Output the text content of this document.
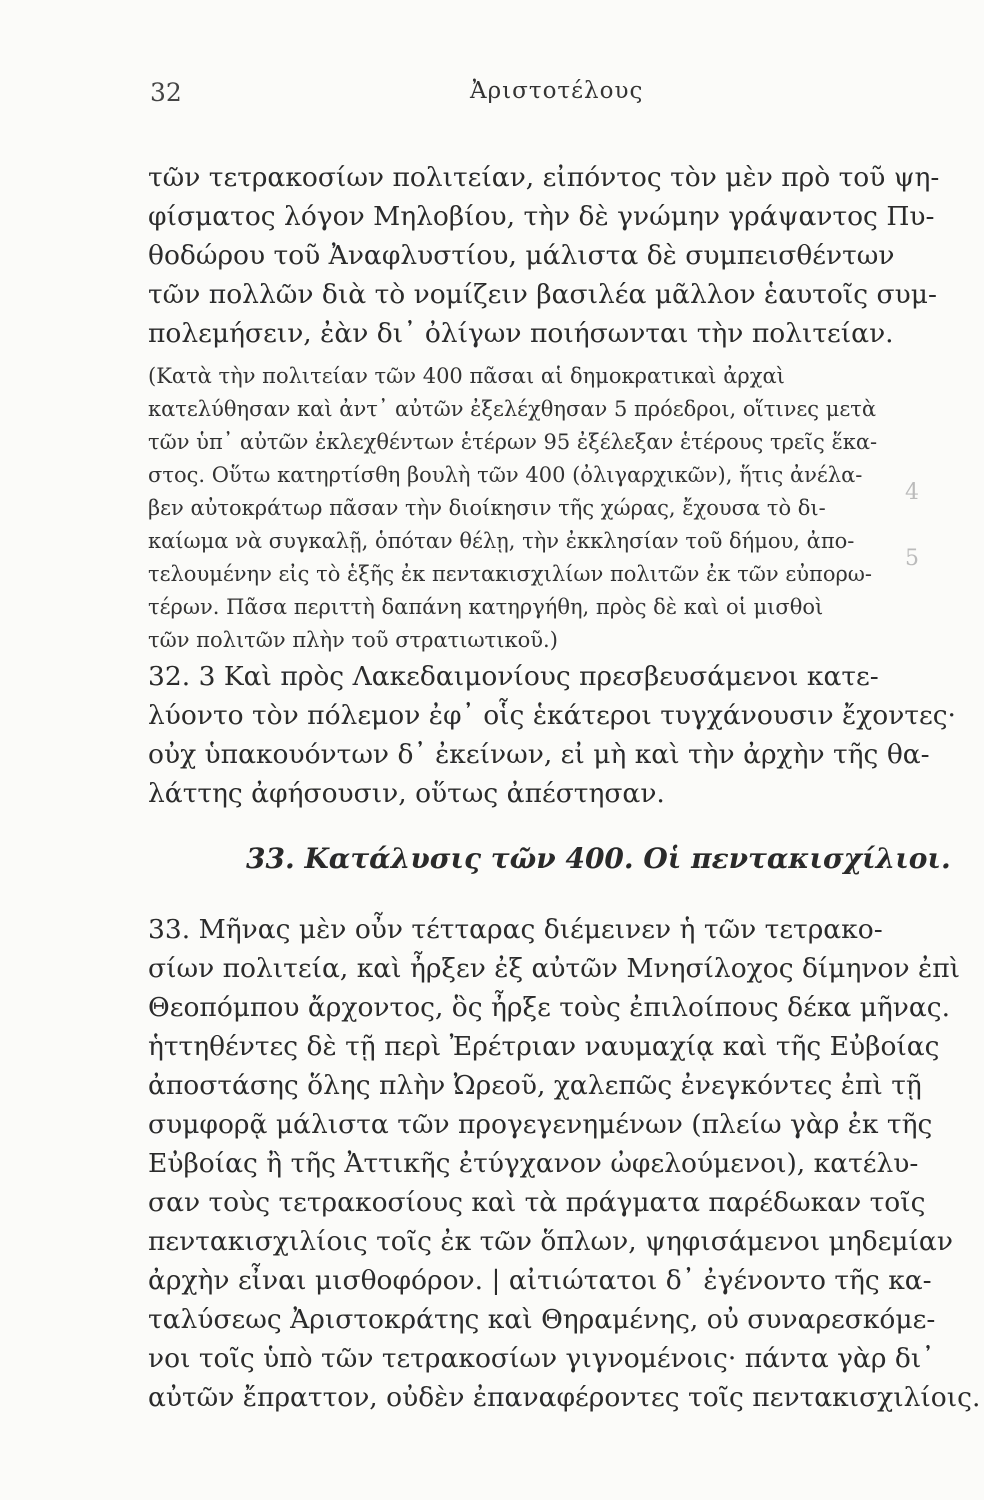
32	Ἀριστοτέλους
4
5
τῶν τετρακοσίων πολιτείαν, εἰπόντος τὸν μὲν πρὸ τοῦ ψη-
φίσματος λόγον Μηλοβίου, τὴν δὲ γνώμην γράψαντος Πυ-
θοδώρου τοῦ Ἀναφλυστίου, μάλιστα δὲ συμπεισθέντων
τῶν πολλῶν διὰ τὸ νομίζειν βασιλέα μᾶλλον ἑαυτοῖς συμ-
πολεμήσειν, ἐὰν δι᾽ ὀλίγων ποιήσωνται τὴν πολιτείαν.
(Κατὰ τὴν πολιτείαν τῶν 400 πᾶσαι αἱ δημοκρατικαὶ ἀρχαὶ
κατελύθησαν καὶ ἀντ᾽ αὐτῶν ἐξελέχθησαν 5 πρόεδροι, οἵτινες μετὰ
τῶν ὑπ᾽ αὐτῶν ἐκλεχθέντων ἑτέρων 95 ἐξέλεξαν ἑτέρους τρεῖς ἕκα-
στος. Οὕτω κατηρτίσθη βουλὴ τῶν 400 (ὀλιγαρχικῶν), ἥτις ἀνέλα-
βεν αὐτοκράτωρ πᾶσαν τὴν διοίκησιν τῆς χώρας, ἔχουσα τὸ δι-
καίωμα νὰ συγκαλῇ, ὁπόταν θέλῃ, τὴν ἐκκλησίαν τοῦ δήμου, ἀπο-
τελουμένην εἰς τὸ ἑξῆς ἐκ πεντακισχιλίων πολιτῶν ἐκ τῶν εὐπορω-
τέρων. Πᾶσα περιττὴ δαπάνη κατηργήθη, πρὸς δὲ καὶ οἱ μισθοὶ
τῶν πολιτῶν πλὴν τοῦ στρατιωτικοῦ.)
32. 3 Καὶ πρὸς Λακεδαιμονίους πρεσβευσάμενοι κατε-
λύοντο τὸν πόλεμον ἐφ᾽ οἷς ἑκάτεροι τυγχάνουσιν ἔχοντες·
οὐχ ὑπακουόντων δ᾽ ἐκείνων, εἰ μὴ καὶ τὴν ἀρχὴν τῆς θα-
λάττης ἀφήσουσιν, οὕτως ἀπέστησαν.
33. Κατάλυσις τῶν 400. Οἱ πεντακισχίλιοι.
33. Μῆνας μὲν οὖν τέτταρας διέμεινεν ἡ τῶν τετρακο-
σίων πολιτεία, καὶ ἦρξεν ἐξ αὐτῶν Μνησίλοχος δίμηνον ἐπὶ
Θεοπόμπου ἄρχοντος, ὃς ἦρξε τοὺς ἐπιλοίπους δέκα μῆνας.
ἡττηθέντες δὲ τῇ περὶ Ἐρέτριαν ναυμαχίᾳ καὶ τῆς Εὐβοίας
ἀποστάσης ὅλης πλὴν Ὠρεοῦ, χαλεπῶς ἐνεγκόντες ἐπὶ τῇ
συμφορᾷ μάλιστα τῶν προγεγενημένων (πλείω γὰρ ἐκ τῆς
Εὐβοίας ἢ τῆς Ἀττικῆς ἐτύγχανον ὠφελούμενοι), κατέλυ-
σαν τοὺς τετρακοσίους καὶ τὰ πράγματα παρέδωκαν τοῖς
πεντακισχιλίοις τοῖς ἐκ τῶν ὅπλων, ψηφισάμενοι μηδεμίαν
ἀρχὴν εἶναι μισθοφόρον. | αἰτιώτατοι δ᾽ ἐγένοντο τῆς κα-
ταλύσεως Ἀριστοκράτης καὶ Θηραμένης, οὐ συναρεσκόμε-
νοι τοῖς ὑπὸ τῶν τετρακοσίων γιγνομένοις· πάντα γὰρ δι᾽
αὐτῶν ἔπραττον, οὐδὲν ἐπαναφέροντες τοῖς πεντακισχιλίοις.
